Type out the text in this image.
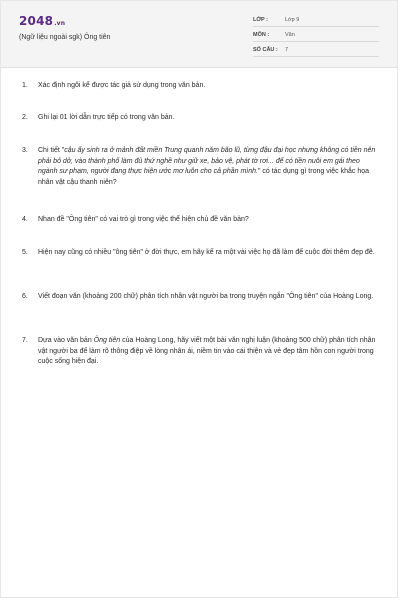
2048.vn
(Ngữ liệu ngoài sgk) Ông tiên
LỚP :	Lớp 9
MÔN :	Văn
SỐ CÂU : 7
1.	Xác định ngôi kể được tác giả sử dụng trong văn bản.
2.	Ghi lại 01 lời dẫn trực tiếp có trong văn bản.
3.	Chi tiết "cậu ấy sinh ra ở mảnh đất miền Trung quanh năm bão lũ, từng đậu đại học nhưng không có tiền nên phải bỏ dở, vào thành phố làm đủ thứ nghề như giữ xe, bảo vệ, phát tờ rơi... để có tiền nuôi em gái theo ngành sư phạm, người đang thực hiện ước mơ luôn cho cả phần mình." có tác dụng gì trong việc khắc họa nhân vật cậu thanh niên?
4.	Nhan đề "Ông tiên" có vai trò gì trong việc thể hiện chủ đề văn bản?
5.	Hiện nay cũng có nhiều "ông tiên" ở đời thực, em hãy kể ra một vài việc họ đã làm để cuộc đời thêm đẹp đẽ.
6.	Viết đoạn văn (khoảng 200 chữ) phân tích nhân vật người ba trong truyện ngắn "Ông tiên" của Hoàng Long.
7.	Dựa vào văn bản Ông tiên của Hoàng Long, hãy viết một bài văn nghị luận (khoảng 500 chữ) phân tích nhân vật người ba để làm rõ thông điệp về lòng nhân ái, niềm tin vào cái thiện và vẻ đẹp tâm hồn con người trong cuộc sống hiện đại.
